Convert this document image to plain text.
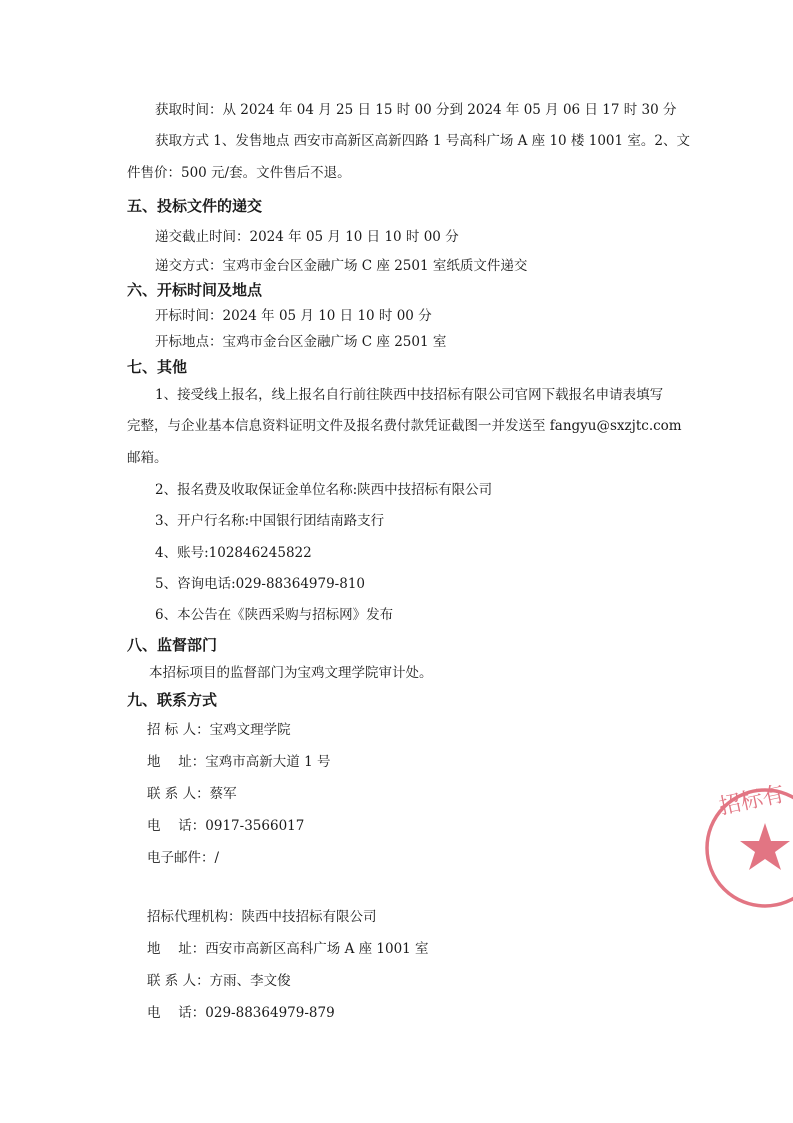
获取时间：从 2024 年 04 月 25 日 15 时 00 分到 2024 年 05 月 06 日 17 时 30 分
获取方式 1、发售地点 西安市高新区高新四路 1 号高科广场 A 座 10 楼 1001 室。2、文
件售价：500 元/套。文件售后不退。
五、投标文件的递交
递交截止时间：2024 年 05 月 10 日 10 时 00 分
递交方式：宝鸡市金台区金融广场 C 座 2501 室纸质文件递交
六、开标时间及地点
开标时间：2024 年 05 月 10 日 10 时 00 分
开标地点：宝鸡市金台区金融广场 C 座 2501 室
七、其他
1、接受线上报名，线上报名自行前往陕西中技招标有限公司官网下载报名申请表填写
完整，与企业基本信息资料证明文件及报名费付款凭证截图一并发送至 fangyu@sxzjtc.com
邮箱。
2、报名费及收取保证金单位名称:陕西中技招标有限公司
3、开户行名称:中国银行团结南路支行
4、账号:102846245822
5、咨询电话:029-88364979-810
6、本公告在《陕西采购与招标网》发布
八、监督部门
本招标项目的监督部门为宝鸡文理学院审计处。
九、联系方式
招 标 人：宝鸡文理学院
地　 址：宝鸡市高新大道 1 号
联 系 人：蔡军
电　 话：0917-3566017
电子邮件：/
招标代理机构：陕西中技招标有限公司
地　 址：西安市高新区高科广场 A 座 1001 室
联 系 人：方雨、李文俊
电　 话：029-88364979-879
招标有
